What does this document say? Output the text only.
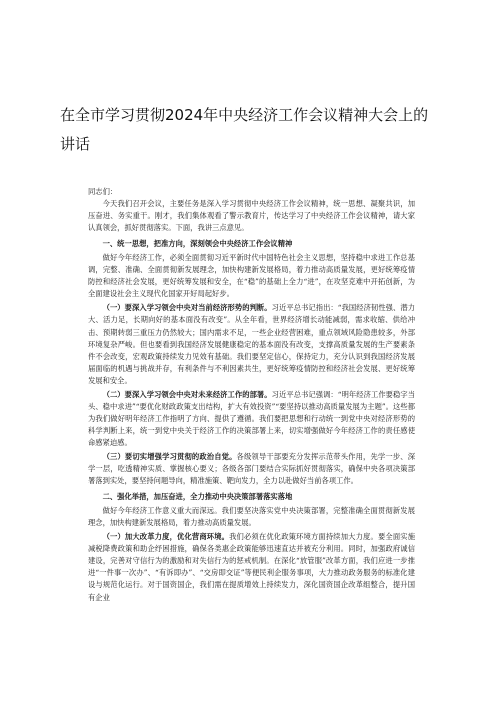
在全市学习贯彻2024年中央经济工作会议精神大会上的讲话

同志们：

今天我们召开会议，主要任务是深入学习贯彻中央经济工作会议精神，统一思想、凝聚共识，加压奋进、务实重干。刚才，我们集体观看了警示教育片，传达学习了中央经济工作会议精神，请大家认真领会，抓好贯彻落实。下面，我讲三点意见。

一、统一思想，把准方向，深刻领会中央经济工作会议精神

做好今年经济工作，必须全面贯彻习近平新时代中国特色社会主义思想，坚持稳中求进工作总基调，完整、准确、全面贯彻新发展理念，加快构建新发展格局，着力推动高质量发展，更好统筹疫情防控和经济社会发展，更好统筹发展和安全，在“稳”的基础上全力“进”，在攻坚克难中开拓创新，为全面建设社会主义现代化国家开好局起好步。

（一）要深入学习领会中央对当前经济形势的判断。习近平总书记指出：“我国经济韧性强、潜力大、活力足，长期向好的基本面没有改变”。从全年看，世界经济增长动能减弱，需求收缩、供给冲击、预期转弱三重压力仍然较大；国内需求不足，一些企业经营困难，重点领域风险隐患较多，外部环境复杂严峻。但也要看到我国经济发展健康稳定的基本面没有改变，支撑高质量发展的生产要素条件不会改变，宏观政策持续发力见效有基础。我们要坚定信心，保持定力，充分认识到我国经济发展届面临的机遇与挑战并存，有利条件与不利因素共生，更好统筹疫情防控和经济社会发展、更好统筹发展和安全。

（二）要深入学习领会中央对未来经济工作的部署。习近平总书记强调：“明年经济工作要稳字当头、稳中求进”“要优化财政政策支出结构，扩大有效投资”“要坚持以推动高质量发展为主题”。这些都为我们做好明年经济工作指明了方向、提供了遵循。我们要把思想和行动统一到党中央对经济形势的科学判断上来，统一到党中央关于经济工作的决策部署上来，切实增强做好今年经济工作的责任感使命感紧迫感。

（三）要切实增强学习贯彻的政治自觉。各级领导干部要充分发挥示范带头作用，先学一步、深学一层，吃透精神实质、掌握核心要义；各级各部门要结合实际抓好贯彻落实，确保中央各项决策部署落到实处，要坚持问题导向，精准施策、靶向发力，全力以赴做好当前各项工作。

二、强化举措，加压奋进，全力推动中央决策部署落实落地

做好今年经济工作意义重大而深远。我们要坚决落实党中央决策部署，完整准确全面贯彻新发展理念，加快构建新发展格局，着力推动高质量发展。

（一）加大改革力度，优化营商环境。我们必须在优化政策环境方面持续加大力度。要全面实施减税降费政策和助企纾困措施，确保各类惠企政策能够迅速直达并被充分利用。同时，加强政府诚信建设，完善对守信行为的激励和对失信行为的惩戒机制。在深化“放管服”改革方面，我们应进一步推进“一件事一次办”、“有诉即办”、“交房即交证”等便民利企服务事项，大力推动政务服务的标准化建设与规范化运行。对于国资国企，我们需在提质增效上持续发力，深化国资国企改革组整合，提升国有企业
